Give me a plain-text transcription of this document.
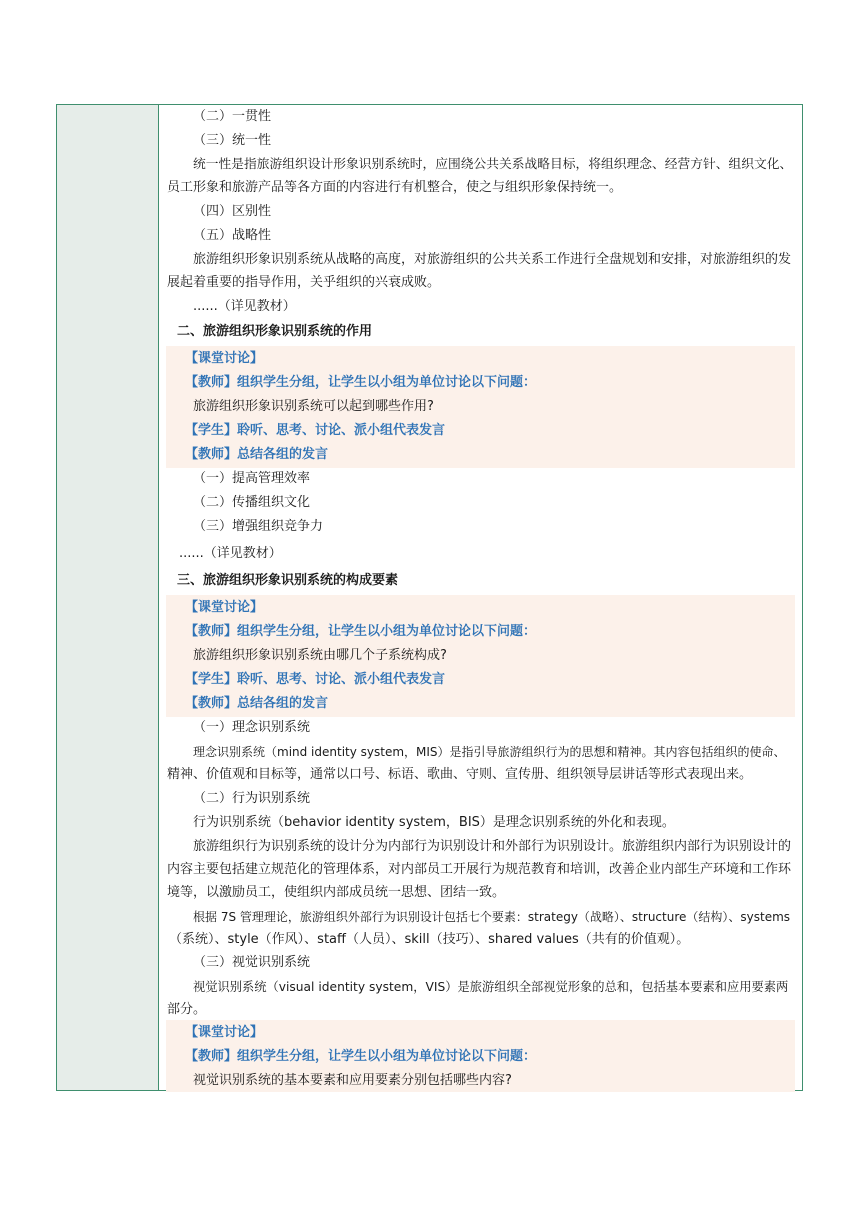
（二）一贯性
（三）统一性
统一性是指旅游组织设计形象识别系统时，应围绕公共关系战略目标，将组织理念、经营方针、组织文化、
员工形象和旅游产品等各方面的内容进行有机整合，使之与组织形象保持统一。
（四）区别性
（五）战略性
旅游组织形象识别系统从战略的高度，对旅游组织的公共关系工作进行全盘规划和安排，对旅游组织的发
展起着重要的指导作用，关乎组织的兴衰成败。
......（详见教材）
二、旅游组织形象识别系统的作用
【课堂讨论】
【教师】组织学生分组，让学生以小组为单位讨论以下问题：
旅游组织形象识别系统可以起到哪些作用?
【学生】聆听、思考、讨论、派小组代表发言
【教师】总结各组的发言
（一）提高管理效率
（二）传播组织文化
（三）增强组织竞争力
......（详见教材）
三、旅游组织形象识别系统的构成要素
【课堂讨论】
【教师】组织学生分组，让学生以小组为单位讨论以下问题：
旅游组织形象识别系统由哪几个子系统构成?
【学生】聆听、思考、讨论、派小组代表发言
【教师】总结各组的发言
（一）理念识别系统
理念识别系统（mind identity system，MIS）是指引导旅游组织行为的思想和精神。其内容包括组织的使命、
精神、价值观和目标等，通常以口号、标语、歌曲、守则、宣传册、组织领导层讲话等形式表现出来。
（二）行为识别系统
行为识别系统（behavior identity system，BIS）是理念识别系统的外化和表现。
旅游组织行为识别系统的设计分为内部行为识别设计和外部行为识别设计。旅游组织内部行为识别设计的
内容主要包括建立规范化的管理体系，对内部员工开展行为规范教育和培训，改善企业内部生产环境和工作环
境等，以激励员工，使组织内部成员统一思想、团结一致。
根据 7S 管理理论，旅游组织外部行为识别设计包括七个要素：strategy（战略）、structure（结构）、systems
（系统）、style（作风）、staff（人员）、skill（技巧）、shared values（共有的价值观）。
（三）视觉识别系统
视觉识别系统（visual identity system，VIS）是旅游组织全部视觉形象的总和，包括基本要素和应用要素两
部分。
【课堂讨论】
【教师】组织学生分组，让学生以小组为单位讨论以下问题：
视觉识别系统的基本要素和应用要素分别包括哪些内容?
